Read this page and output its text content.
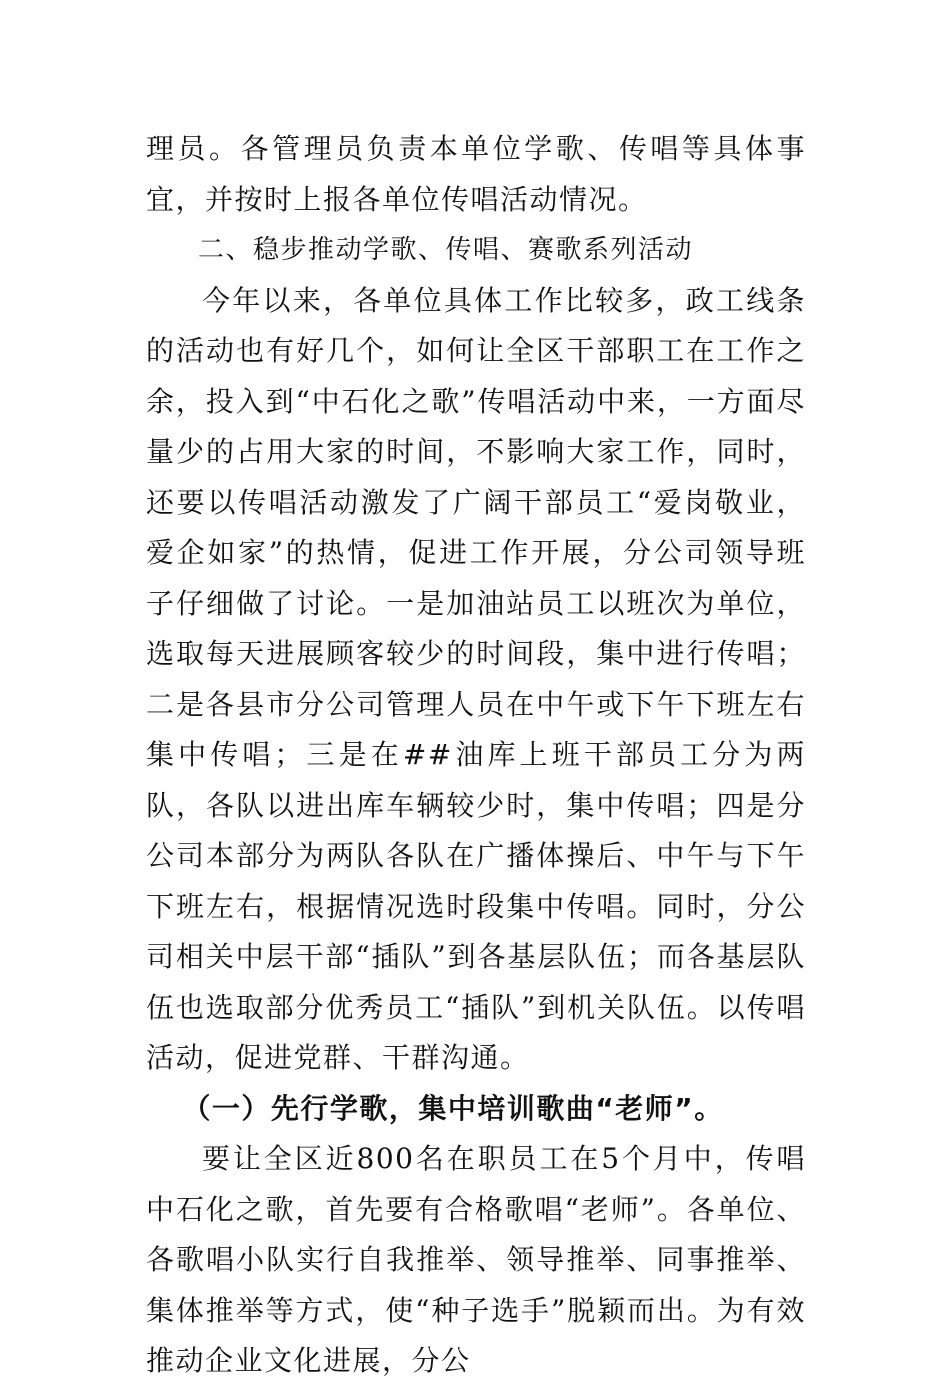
理员。各管理员负责本单位学歌、传唱等具体事宜，并按时上报各单位传唱活动情况。

二、稳步推动学歌、传唱、赛歌系列活动

今年以来，各单位具体工作比较多，政工线条的活动也有好几个，如何让全区干部职工在工作之余，投入到“中石化之歌”传唱活动中来，一方面尽量少的占用大家的时间，不影响大家工作，同时，还要以传唱活动激发了广阔干部员工“爱岗敬业，爱企如家”的热情，促进工作开展，分公司领导班子仔细做了讨论。一是加油站员工以班次为单位，选取每天进展顾客较少的时间段，集中进行传唱；二是各县市分公司管理人员在中午或下午下班左右集中传唱；三是在##油库上班干部员工分为两队，各队以进出库车辆较少时，集中传唱；四是分公司本部分为两队各队在广播体操后、中午与下午下班左右，根据情况选时段集中传唱。同时，分公司相关中层干部“插队”到各基层队伍；而各基层队伍也选取部分优秀员工“插队”到机关队伍。以传唱活动，促进党群、干群沟通。

（一）先行学歌，集中培训歌曲“老师”。

要让全区近800名在职员工在5个月中，传唱中石化之歌，首先要有合格歌唱“老师”。各单位、各歌唱小队实行自我推举、领导推举、同事推举、集体推举等方式，使“种子选手”脱颖而出。为有效推动企业文化进展，分公
